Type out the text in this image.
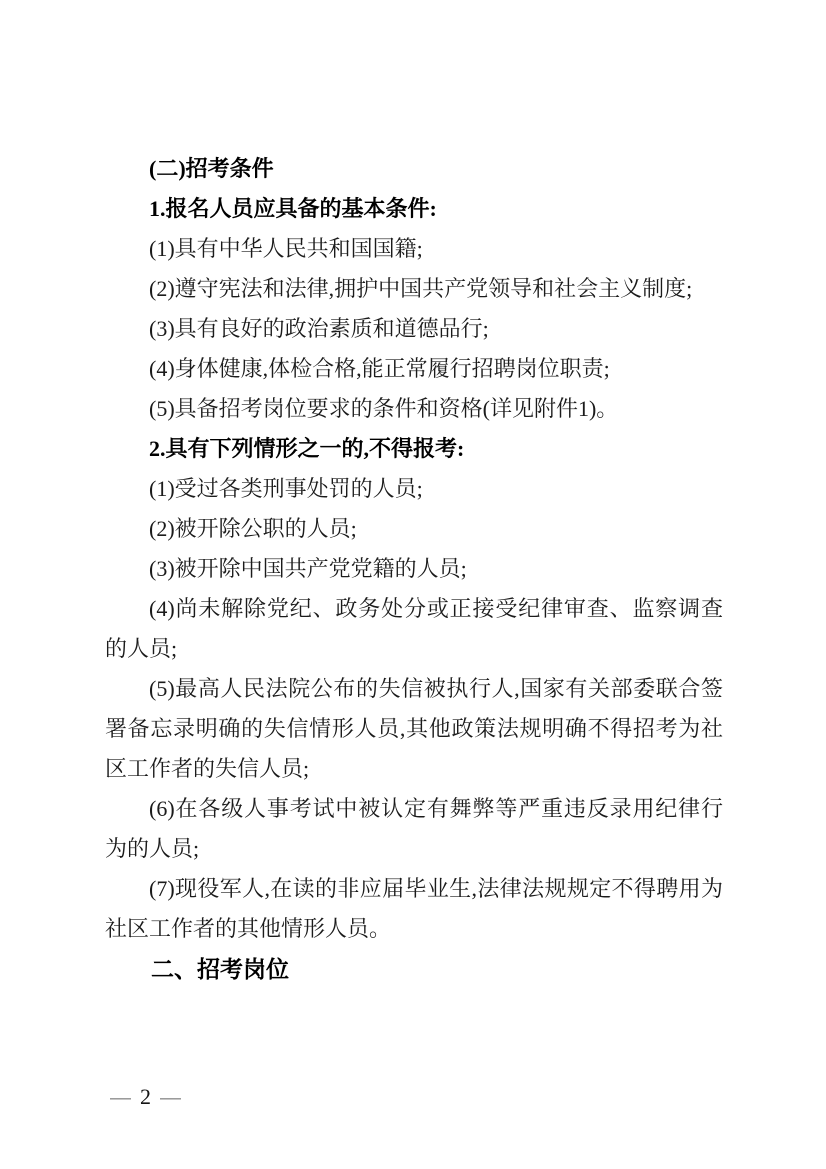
(二)招考条件

1.报名人员应具备的基本条件:

(1)具有中华人民共和国国籍;

(2)遵守宪法和法律,拥护中国共产党领导和社会主义制度;

(3)具有良好的政治素质和道德品行;

(4)身体健康,体检合格,能正常履行招聘岗位职责;

(5)具备招考岗位要求的条件和资格(详见附件1)。

2.具有下列情形之一的,不得报考:

(1)受过各类刑事处罚的人员;

(2)被开除公职的人员;

(3)被开除中国共产党党籍的人员;

(4)尚未解除党纪、政务处分或正接受纪律审查、监察调查的人员;

(5)最高人民法院公布的失信被执行人,国家有关部委联合签署备忘录明确的失信情形人员,其他政策法规明确不得招考为社区工作者的失信人员;

(6)在各级人事考试中被认定有舞弊等严重违反录用纪律行为的人员;

(7)现役军人,在读的非应届毕业生,法律法规规定不得聘用为社区工作者的其他情形人员。

二、招考岗位

— 2 —
